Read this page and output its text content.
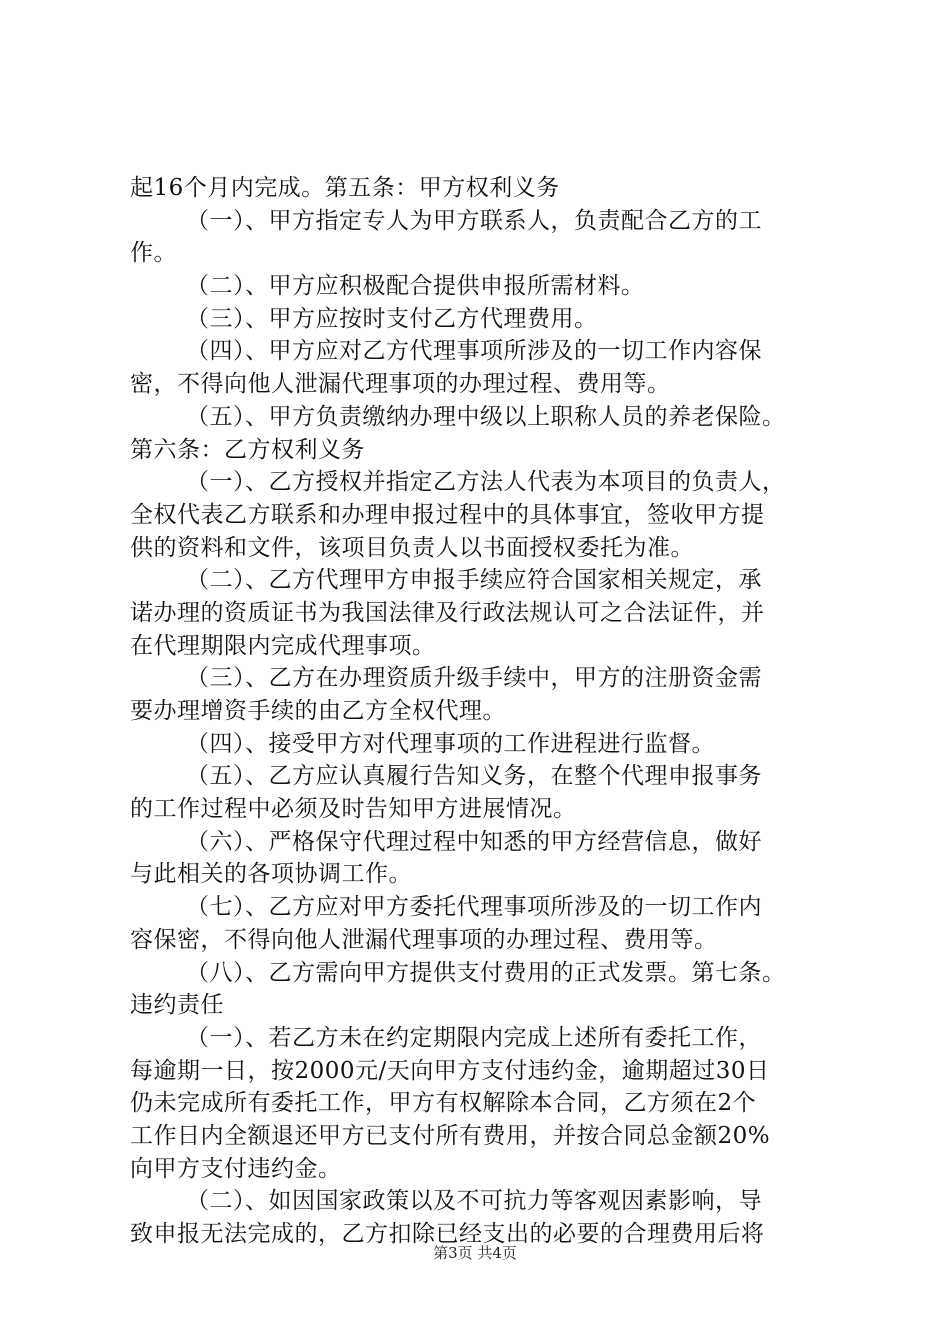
起16个月内完成。第五条：甲方权利义务
（一）、甲方指定专人为甲方联系人，负责配合乙方的工
作。
（二）、甲方应积极配合提供申报所需材料。
（三）、甲方应按时支付乙方代理费用。
（四）、甲方应对乙方代理事项所涉及的一切工作内容保
密，不得向他人泄漏代理事项的办理过程、费用等。
（五）、甲方负责缴纳办理中级以上职称人员的养老保险。
第六条：乙方权利义务
（一）、乙方授权并指定乙方法人代表为本项目的负责人，
全权代表乙方联系和办理申报过程中的具体事宜，签收甲方提
供的资料和文件，该项目负责人以书面授权委托为准。
（二）、乙方代理甲方申报手续应符合国家相关规定，承
诺办理的资质证书为我国法律及行政法规认可之合法证件，并
在代理期限内完成代理事项。
（三）、乙方在办理资质升级手续中，甲方的注册资金需
要办理增资手续的由乙方全权代理。
（四）、接受甲方对代理事项的工作进程进行监督。
（五）、乙方应认真履行告知义务，在整个代理申报事务
的工作过程中必须及时告知甲方进展情况。
（六）、严格保守代理过程中知悉的甲方经营信息，做好
与此相关的各项协调工作。
（七）、乙方应对甲方委托代理事项所涉及的一切工作内
容保密，不得向他人泄漏代理事项的办理过程、费用等。
（八）、乙方需向甲方提供支付费用的正式发票。第七条。
违约责任
（一）、若乙方未在约定期限内完成上述所有委托工作，
每逾期一日，按2000元/天向甲方支付违约金，逾期超过30日
仍未完成所有委托工作，甲方有权解除本合同，乙方须在2个
工作日内全额退还甲方已支付所有费用，并按合同总金额20%
向甲方支付违约金。
（二）、如因国家政策以及不可抗力等客观因素影响，导
致申报无法完成的，乙方扣除已经支出的必要的合理费用后将
第3页 共4页
